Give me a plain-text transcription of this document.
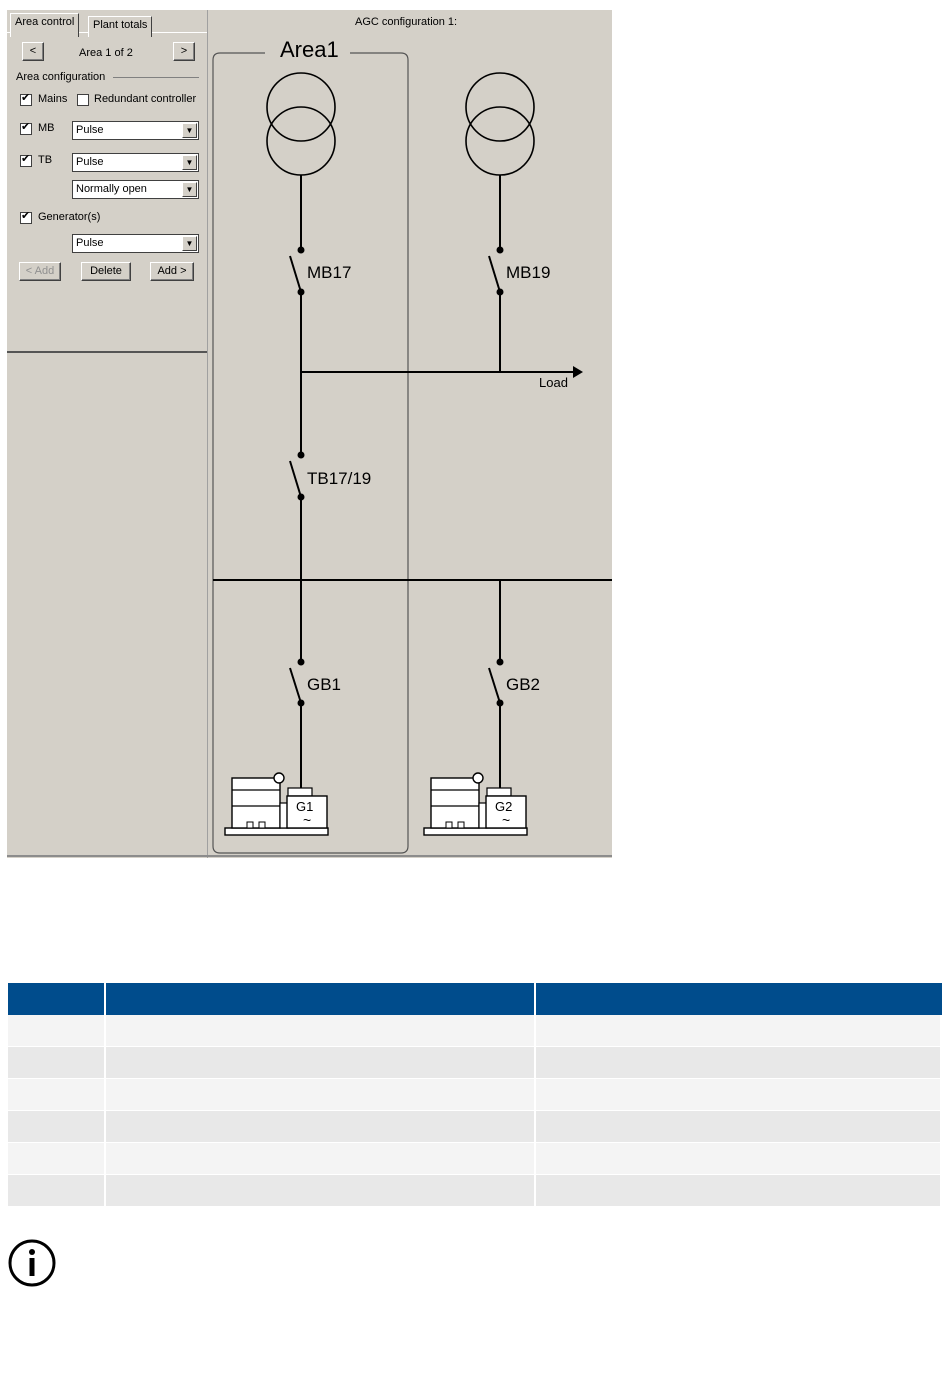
Area control	Plant totals
<	Area 1 of 2	>
Area configuration
✔ Mains Redundant controller
✔ MB Pulse	▼
✔ TB Pulse	▼
Normally open	▼
✔ Generator(s)
Pulse	▼
< Add	Delete	Add >
AGC configuration 1:
Area1
MB17	MB19
Load
TB17/19
GB1	GB2
G1
~
G2
~
